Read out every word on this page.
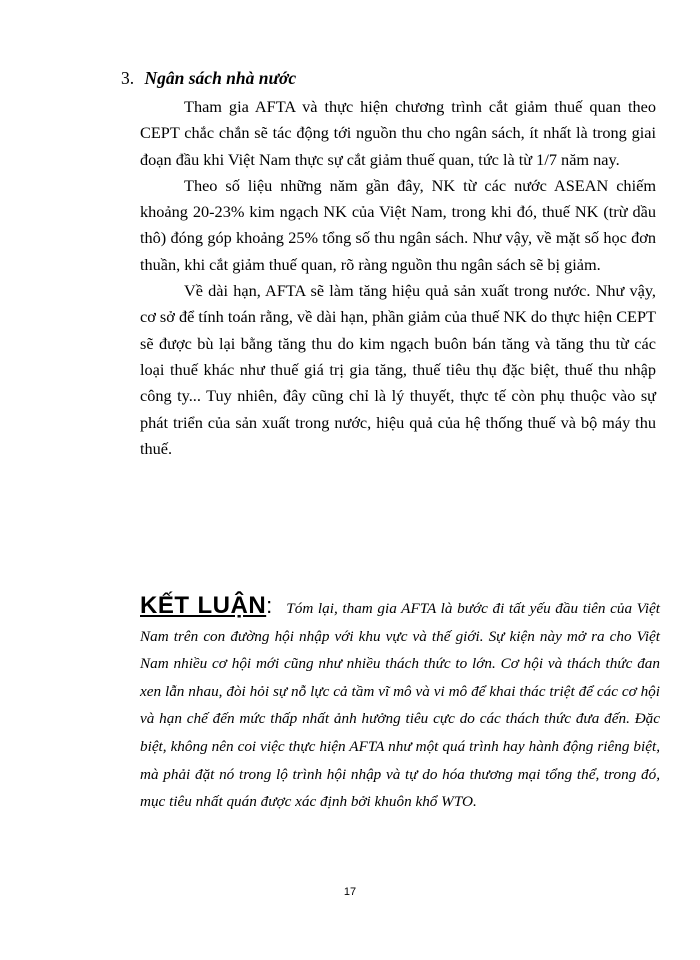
3. Ngân sách nhà nước

Tham gia AFTA và thực hiện chương trình cắt giảm thuế quan theo CEPT chắc chắn sẽ tác động tới nguồn thu cho ngân sách, ít nhất là trong giai đoạn đầu khi Việt Nam thực sự cắt giảm thuế quan, tức là từ 1/7 năm nay.

Theo số liệu những năm gần đây, NK từ các nước ASEAN chiếm khoảng 20-23% kim ngạch NK của Việt Nam, trong khi đó, thuế NK (trừ dầu thô) đóng góp khoảng 25% tổng số thu ngân sách. Như vậy, về mặt số học đơn thuần, khi cắt giảm thuế quan, rõ ràng nguồn thu ngân sách sẽ bị giảm.

Về dài hạn, AFTA sẽ làm tăng hiệu quả sản xuất trong nước. Như vậy, cơ sở để tính toán rằng, về dài hạn, phần giảm của thuế NK do thực hiện CEPT sẽ được bù lại bằng tăng thu do kim ngạch buôn bán tăng và tăng thu từ các loại thuế khác như thuế giá trị gia tăng, thuế tiêu thụ đặc biệt, thuế thu nhập công ty... Tuy nhiên, đây cũng chỉ là lý thuyết, thực tế còn phụ thuộc vào sự phát triển của sản xuất trong nước, hiệu quả của hệ thống thuế và bộ máy thu thuế.

KẾT LUẬN: Tóm lại, tham gia AFTA là bước đi tất yếu đầu tiên của Việt Nam trên con đường hội nhập với khu vực và thế giới. Sự kiện này mở ra cho Việt Nam nhiều cơ hội mới cũng như nhiều thách thức to lớn. Cơ hội và thách thức đan xen lẫn nhau, đòi hỏi sự nỗ lực cả tầm vĩ mô và vi mô để khai thác triệt để các cơ hội và hạn chế đến mức thấp nhất ảnh hưởng tiêu cực do các thách thức đưa đến. Đặc biệt, không nên coi việc thực hiện AFTA như một quá trình hay hành động riêng biệt, mà phải đặt nó trong lộ trình hội nhập và tự do hóa thương mại tổng thể, trong đó, mục tiêu nhất quán được xác định bởi khuôn khổ WTO.

17
